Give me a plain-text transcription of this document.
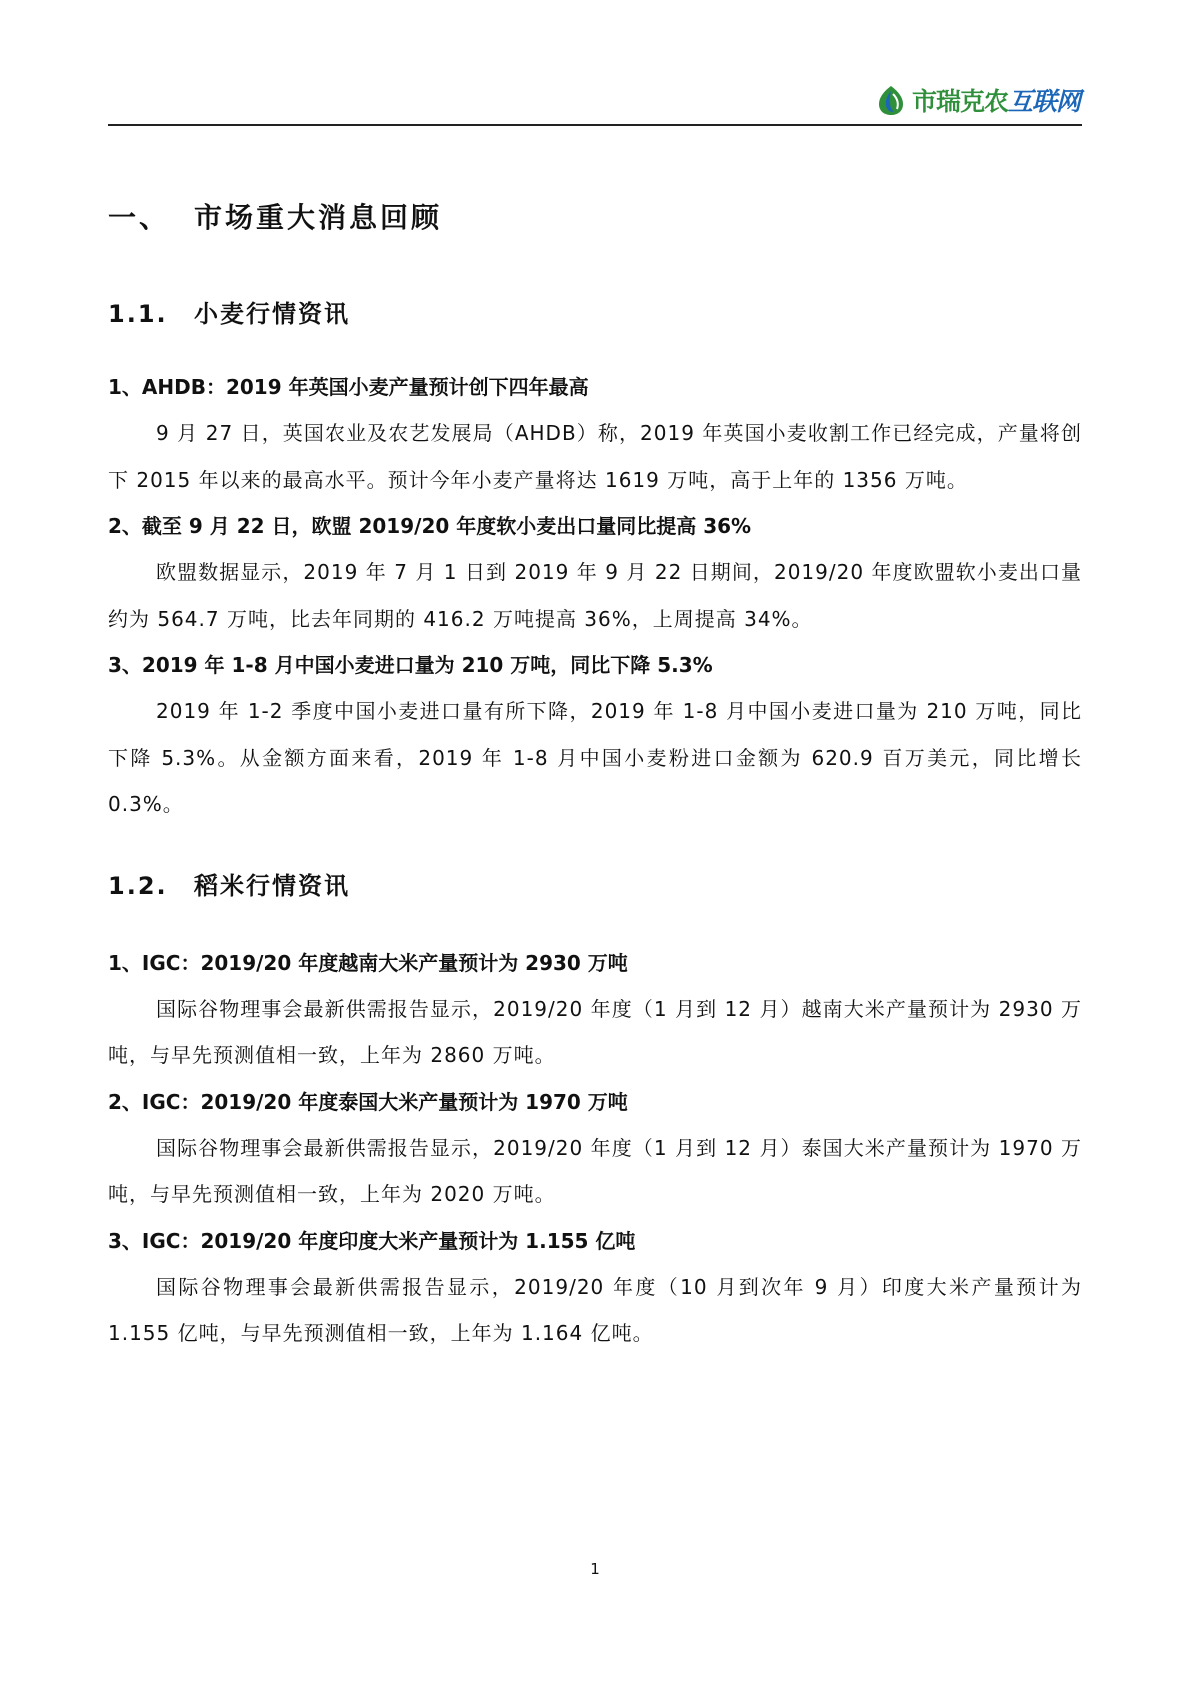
市瑞克农互联网
一、 市场重大消息回顾
1.1.	小麦行情资讯
1、AHDB：2019 年英国小麦产量预计创下四年最高

9 月 27 日，英国农业及农艺发展局（AHDB）称，2019 年英国小麦收割工作已经完成，产量将创下 2015 年以来的最高水平。预计今年小麦产量将达 1619 万吨，高于上年的 1356 万吨。

2、截至 9 月 22 日，欧盟 2019/20 年度软小麦出口量同比提高 36%

欧盟数据显示，2019 年 7 月 1 日到 2019 年 9 月 22 日期间，2019/20 年度欧盟软小麦出口量约为 564.7 万吨，比去年同期的 416.2 万吨提高 36%，上周提高 34%。

3、2019 年 1-8 月中国小麦进口量为 210 万吨，同比下降 5.3%

2019 年 1-2 季度中国小麦进口量有所下降，2019 年 1-8 月中国小麦进口量为 210 万吨，同比下降 5.3%。从金额方面来看，2019 年 1-8 月中国小麦粉进口金额为 620.9 百万美元，同比增长 0.3%。

1.2.	稻米行情资讯
1、IGC：2019/20 年度越南大米产量预计为 2930 万吨

国际谷物理事会最新供需报告显示，2019/20 年度（1 月到 12 月）越南大米产量预计为 2930 万吨，与早先预测值相一致，上年为 2860 万吨。

2、IGC：2019/20 年度泰国大米产量预计为 1970 万吨

国际谷物理事会最新供需报告显示，2019/20 年度（1 月到 12 月）泰国大米产量预计为 1970 万吨，与早先预测值相一致，上年为 2020 万吨。

3、IGC：2019/20 年度印度大米产量预计为 1.155 亿吨

国际谷物理事会最新供需报告显示，2019/20 年度（10 月到次年 9 月）印度大米产量预计为 1.155 亿吨，与早先预测值相一致，上年为 1.164 亿吨。

1
